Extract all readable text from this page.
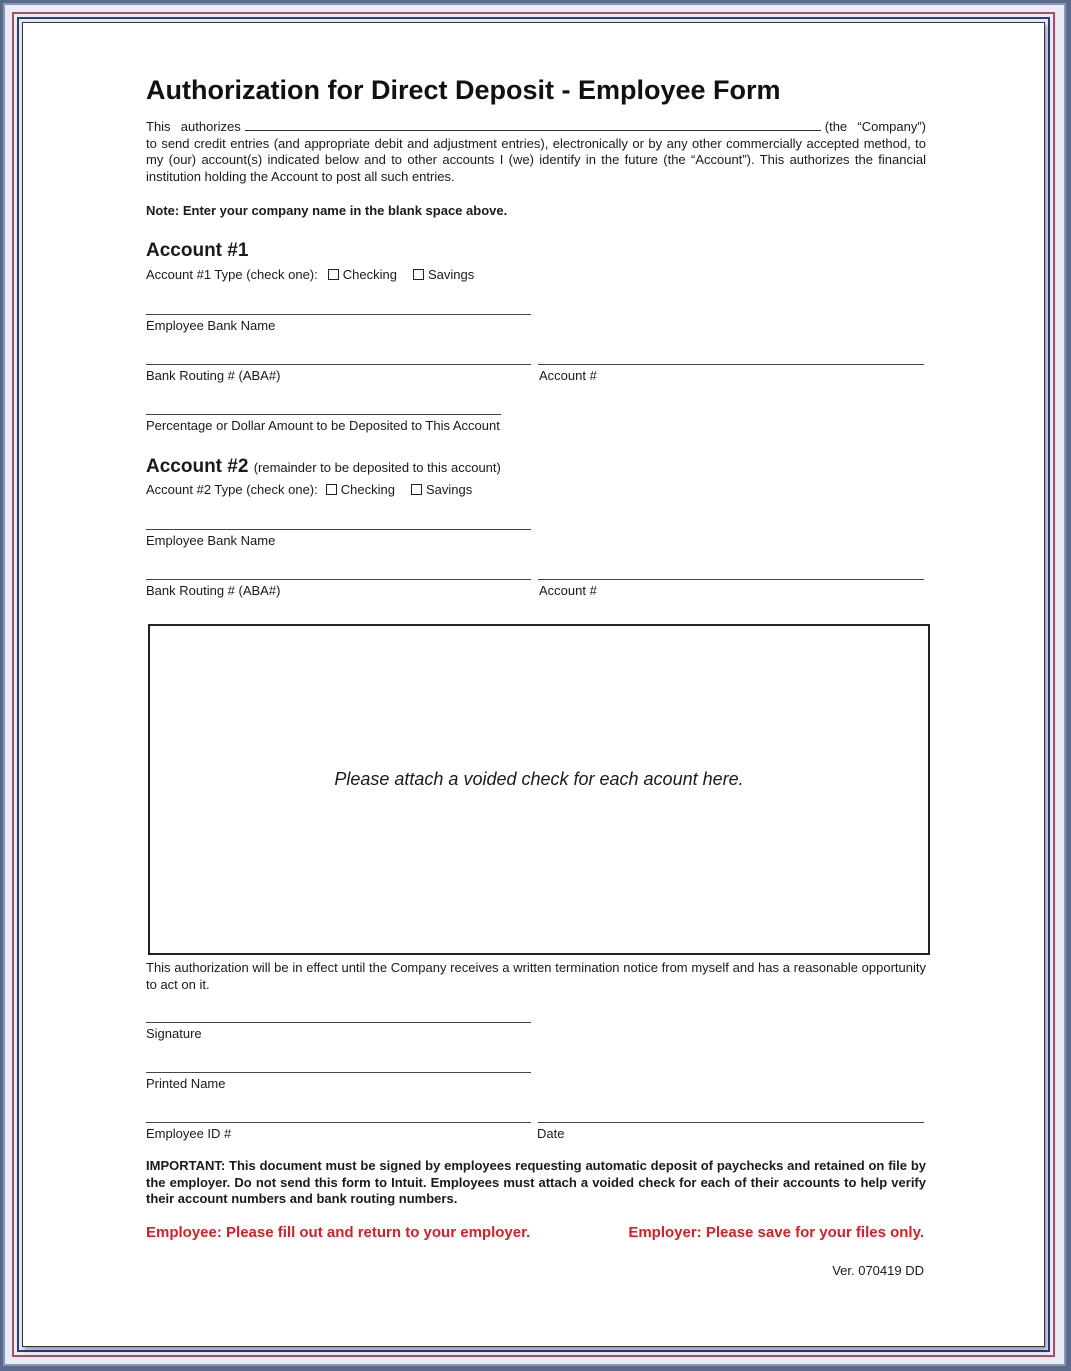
Authorization for Direct Deposit - Employee Form

This authorizes	(the “Company”) to send credit entries (and appropriate debit and adjustment entries), electronically or by any other commercially accepted method, to my (our) account(s) indicated below and to other accounts I (we) identify in the future (the “Account”). This authorizes the financial institution holding the Account to post all such entries.

Note: Enter your company name in the blank space above.
Account #1
Account #1 Type (check one): Checking Savings
Employee Bank Name
Bank Routing # (ABA#)	Account #
Percentage or Dollar Amount to be Deposited to This Account
Account #2 (remainder to be deposited to this account)
Account #2 Type (check one): Checking Savings
Employee Bank Name
Bank Routing # (ABA#)	Account #
Please attach a voided check for each acount here.
This authorization will be in effect until the Company receives a written termination notice from myself and has a reasonable opportunity to act on it.
Signature
Printed Name
Employee ID #	Date
IMPORTANT: This document must be signed by employees requesting automatic deposit of paychecks and retained on file by the employer. Do not send this form to Intuit. Employees must attach a voided check for each of their accounts to help verify their account numbers and bank routing numbers.
Employee: Please fill out and return to your employer.	Employer: Please save for your files only.
Ver. 070419 DD
